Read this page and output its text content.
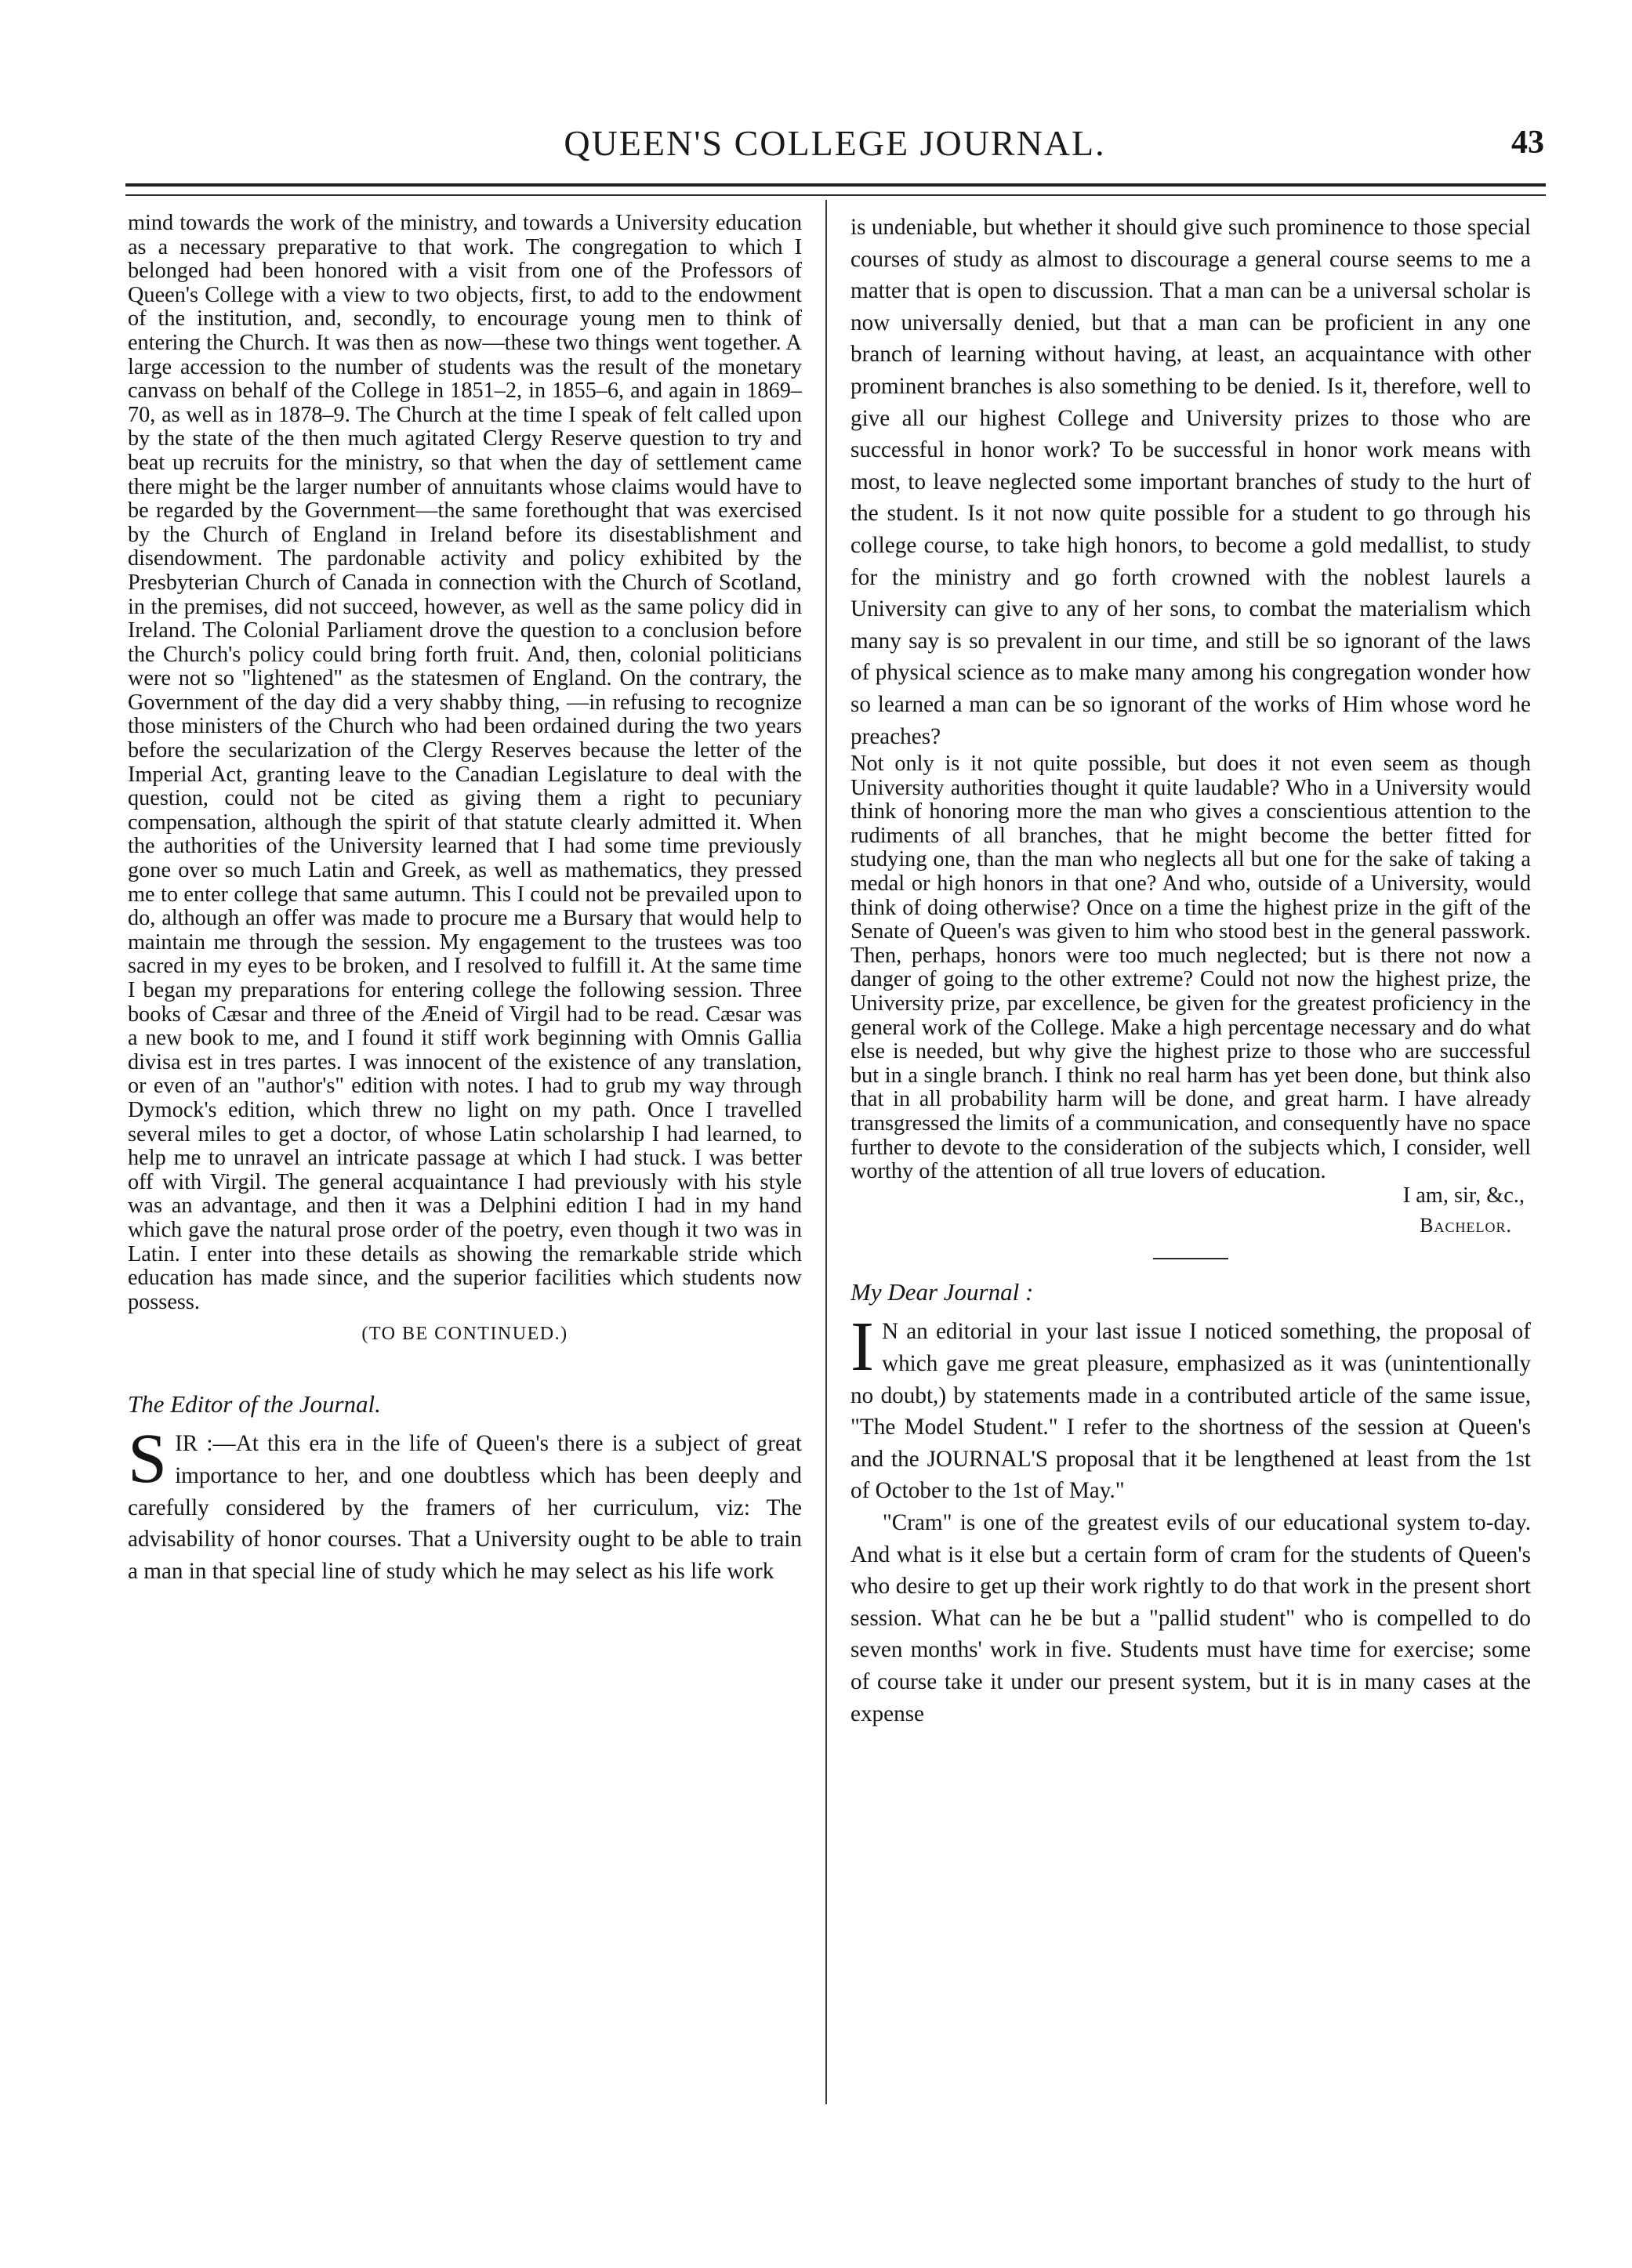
QUEEN'S COLLEGE JOURNAL.	43

mind towards the work of the ministry, and towards a University education as a necessary preparative to that work. The congregation to which I belonged had been honored with a visit from one of the Professors of Queen's College with a view to two objects, first, to add to the endowment of the institution, and, secondly, to encourage young men to think of entering the Church. It was then as now—these two things went together. A large accession to the number of students was the result of the monetary canvass on behalf of the College in 1851–2, in 1855–6, and again in 1869–70, as well as in 1878–9. The Church at the time I speak of felt called upon by the state of the then much agitated Clergy Reserve question to try and beat up recruits for the ministry, so that when the day of settlement came there might be the larger number of annuitants whose claims would have to be regarded by the Government—the same forethought that was exercised by the Church of England in Ireland before its disestablishment and disendowment. The pardonable activity and policy exhibited by the Presbyterian Church of Canada in connection with the Church of Scotland, in the premises, did not succeed, however, as well as the same policy did in Ireland. The Colonial Parliament drove the question to a conclusion before the Church's policy could bring forth fruit. And, then, colonial politicians were not so "lightened" as the statesmen of England. On the contrary, the Government of the day did a very shabby thing, —in refusing to recognize those ministers of the Church who had been ordained during the two years before the secularization of the Clergy Reserves because the letter of the Imperial Act, granting leave to the Canadian Legislature to deal with the question, could not be cited as giving them a right to pecuniary compensation, although the spirit of that statute clearly admitted it. When the authorities of the University learned that I had some time previously gone over so much Latin and Greek, as well as mathematics, they pressed me to enter college that same autumn. This I could not be prevailed upon to do, although an offer was made to procure me a Bursary that would help to maintain me through the session. My engagement to the trustees was too sacred in my eyes to be broken, and I resolved to fulfill it. At the same time I began my preparations for entering college the following session. Three books of Cæsar and three of the Æneid of Virgil had to be read. Cæsar was a new book to me, and I found it stiff work beginning with Omnis Gallia divisa est in tres partes. I was innocent of the existence of any translation, or even of an "author's" edition with notes. I had to grub my way through Dymock's edition, which threw no light on my path. Once I travelled several miles to get a doctor, of whose Latin scholarship I had learned, to help me to unravel an intricate passage at which I had stuck. I was better off with Virgil. The general acquaintance I had previously with his style was an advantage, and then it was a Delphini edition I had in my hand which gave the natural prose order of the poetry, even though it two was in Latin. I enter into these details as showing the remarkable stride which education has made since, and the superior facilities which students now possess.

(TO BE CONTINUED.)
The Editor of the Journal.

SIR :—At this era in the life of Queen's there is a subject of great importance to her, and one doubtless which has been deeply and carefully considered by the framers of her curriculum, viz: The advisability of honor courses. That a University ought to be able to train a man in that special line of study which he may select as his life work

is undeniable, but whether it should give such prominence to those special courses of study as almost to discourage a general course seems to me a matter that is open to discussion. That a man can be a universal scholar is now universally denied, but that a man can be proficient in any one branch of learning without having, at least, an acquaintance with other prominent branches is also something to be denied. Is it, therefore, well to give all our highest College and University prizes to those who are successful in honor work? To be successful in honor work means with most, to leave neglected some important branches of study to the hurt of the student. Is it not now quite possible for a student to go through his college course, to take high honors, to become a gold medallist, to study for the ministry and go forth crowned with the noblest laurels a University can give to any of her sons, to combat the materialism which many say is so prevalent in our time, and still be so ignorant of the laws of physical science as to make many among his congregation wonder how so learned a man can be so ignorant of the works of Him whose word he preaches?

Not only is it not quite possible, but does it not even seem as though University authorities thought it quite laudable? Who in a University would think of honoring more the man who gives a conscientious attention to the rudiments of all branches, that he might become the better fitted for studying one, than the man who neglects all but one for the sake of taking a medal or high honors in that one? And who, outside of a University, would think of doing otherwise? Once on a time the highest prize in the gift of the Senate of Queen's was given to him who stood best in the general passwork. Then, perhaps, honors were too much neglected; but is there not now a danger of going to the other extreme? Could not now the highest prize, the University prize, par excellence, be given for the greatest proficiency in the general work of the College. Make a high percentage necessary and do what else is needed, but why give the highest prize to those who are successful but in a single branch. I think no real harm has yet been done, but think also that in all probability harm will be done, and great harm. I have already transgressed the limits of a communication, and consequently have no space further to devote to the consideration of the subjects which, I consider, well worthy of the attention of all true lovers of education.

I am, sir, &c.,
Bachelor.
My Dear Journal :

I N an editorial in your last issue I noticed something, the proposal of which gave me great pleasure, emphasized as it was (unintentionally no doubt,) by statements made in a contributed article of the same issue, "The Model Student." I refer to the shortness of the session at Queen's and the JOURNAL'S proposal that it be lengthened at least from the 1st of October to the 1st of May."

"Cram" is one of the greatest evils of our educational system to-day. And what is it else but a certain form of cram for the students of Queen's who desire to get up their work rightly to do that work in the present short session. What can he be but a "pallid student" who is compelled to do seven months' work in five. Students must have time for exercise; some of course take it under our present system, but it is in many cases at the expense
